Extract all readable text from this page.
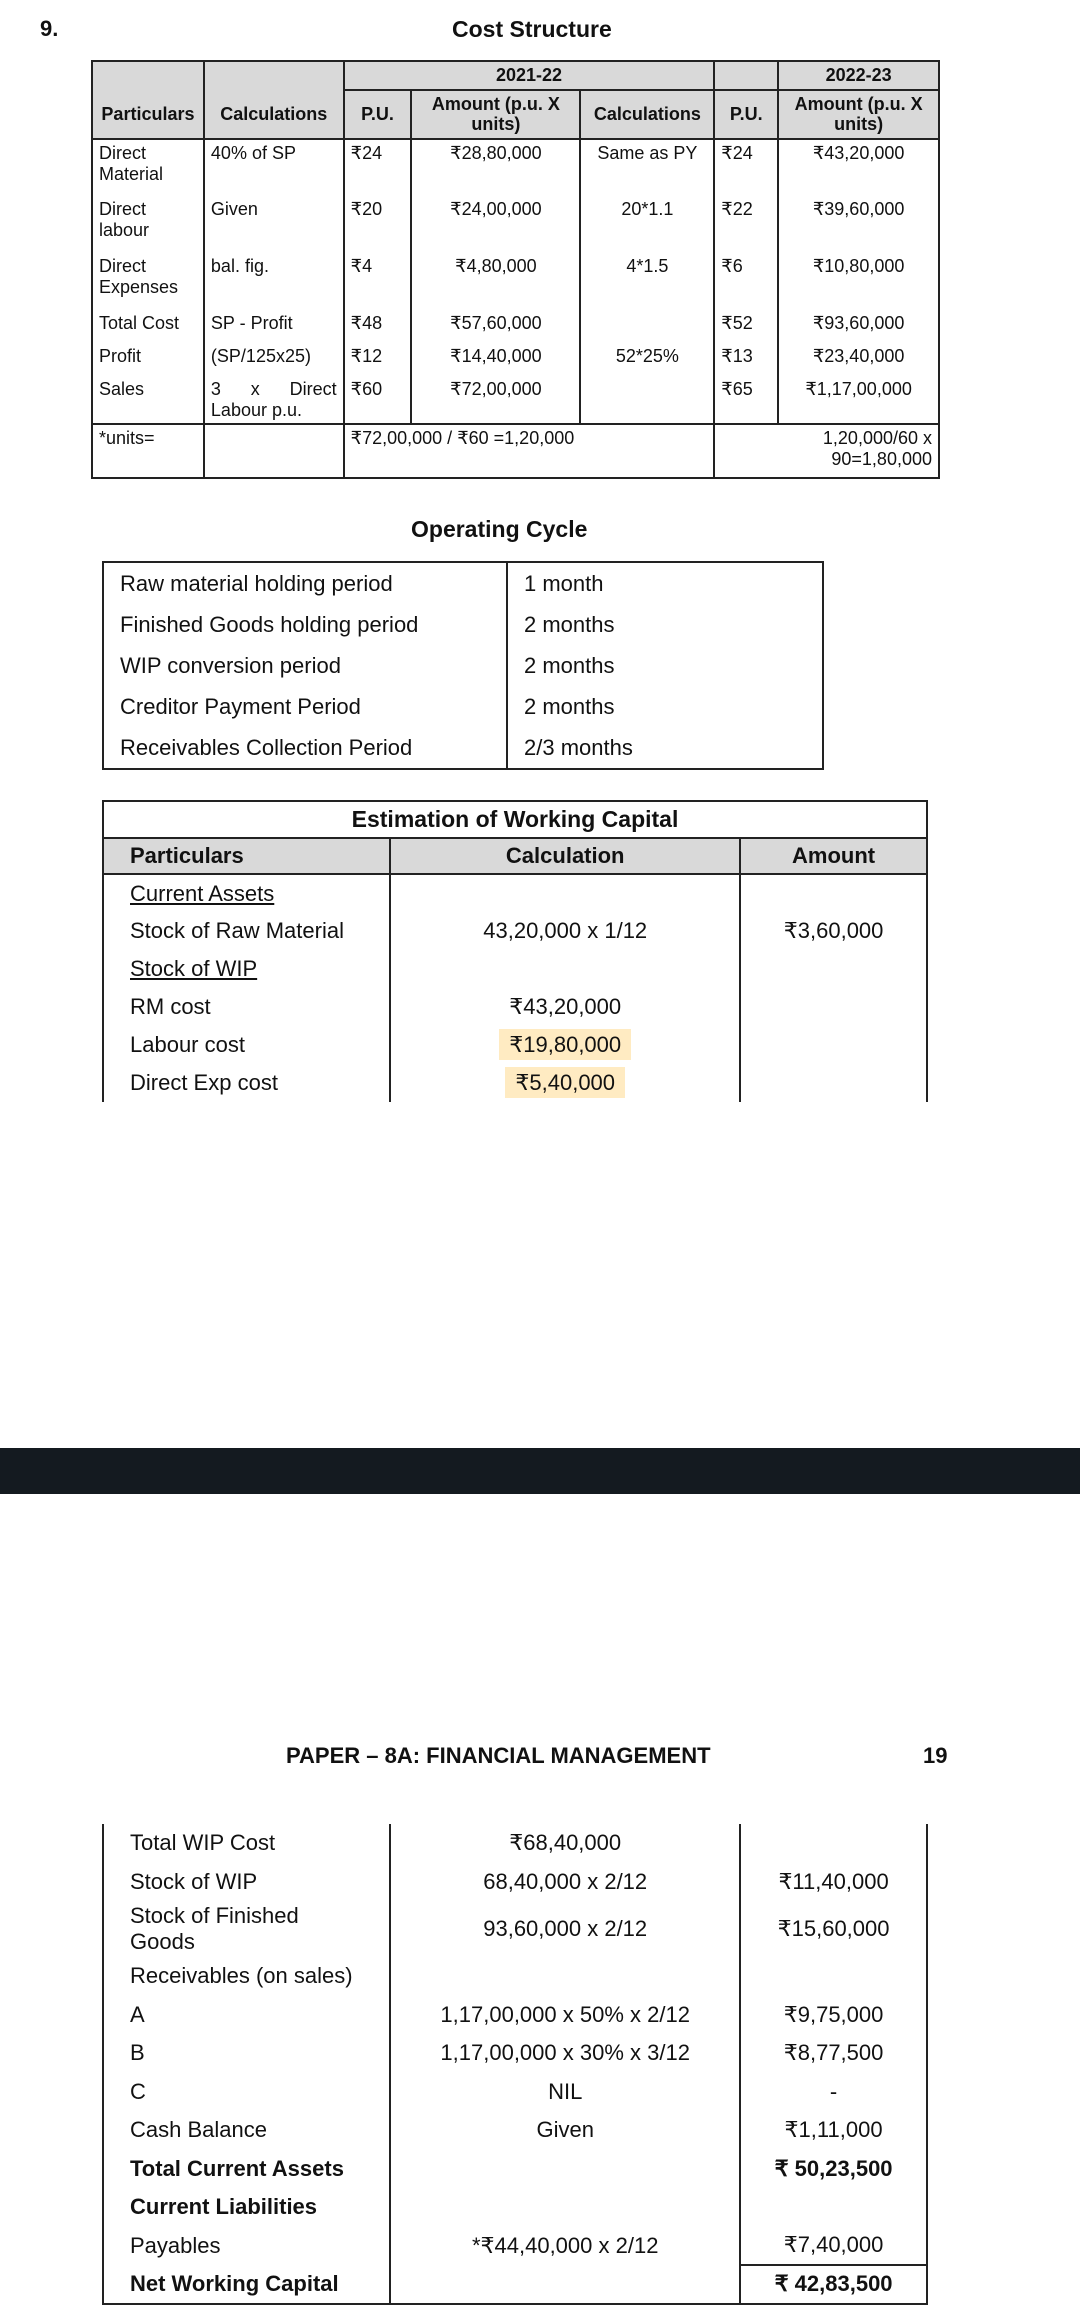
9.	Cost Structure
		2021-22				2022-23
Particulars	Calculations	P.U.	Amount (p.u. X units)	Calculations	P.U.	Amount (p.u. X units)
Direct Material	40% of SP	₹24	₹28,80,000	Same as PY	₹24	₹43,20,000
Direct labour	Given	₹20	₹24,00,000	20*1.1	₹22	₹39,60,000
Direct Expenses	bal. fig.	₹4	₹4,80,000	4*1.5	₹6	₹10,80,000
Total Cost	SP - Profit	₹48	₹57,60,000		₹52	₹93,60,000
Profit	(SP/125x25)	₹12	₹14,40,000	52*25%	₹13	₹23,40,000
Sales	3 x Direct Labour p.u.	₹60	₹72,00,000		₹65	₹1,17,00,000
*units=		₹72,00,000 / ₹60 =1,20,000			1,20,000/60 x 90=1,80,000	
Operating Cycle
Raw material holding period	1 month
Finished Goods holding period	2 months
WIP conversion period	2 months
Creditor Payment Period	2 months
Receivables Collection Period	2/3 months
Estimation of Working Capital		
Particulars	Calculation	Amount
Current Assets		
Stock of Raw Material	43,20,000 x 1/12	₹3,60,000
Stock of WIP		
RM cost	₹43,20,000	
Labour cost	₹19,80,000	
Direct Exp cost	₹5,40,000	
PAPER – 8A: FINANCIAL MANAGEMENT	19
Total WIP Cost	₹68,40,000	
Stock of WIP	68,40,000 x 2/12	₹11,40,000
Stock of Finished Goods	93,60,000 x 2/12	₹15,60,000
Receivables (on sales)		
A	1,17,00,000 x 50% x 2/12	₹9,75,000
B	1,17,00,000 x 30% x 3/12	₹8,77,500
C	NIL	-
Cash Balance	Given	₹1,11,000
Total Current Assets		₹ 50,23,500
Current Liabilities		
Payables	*₹44,40,000 x 2/12	₹7,40,000
Net Working Capital		₹ 42,83,500
